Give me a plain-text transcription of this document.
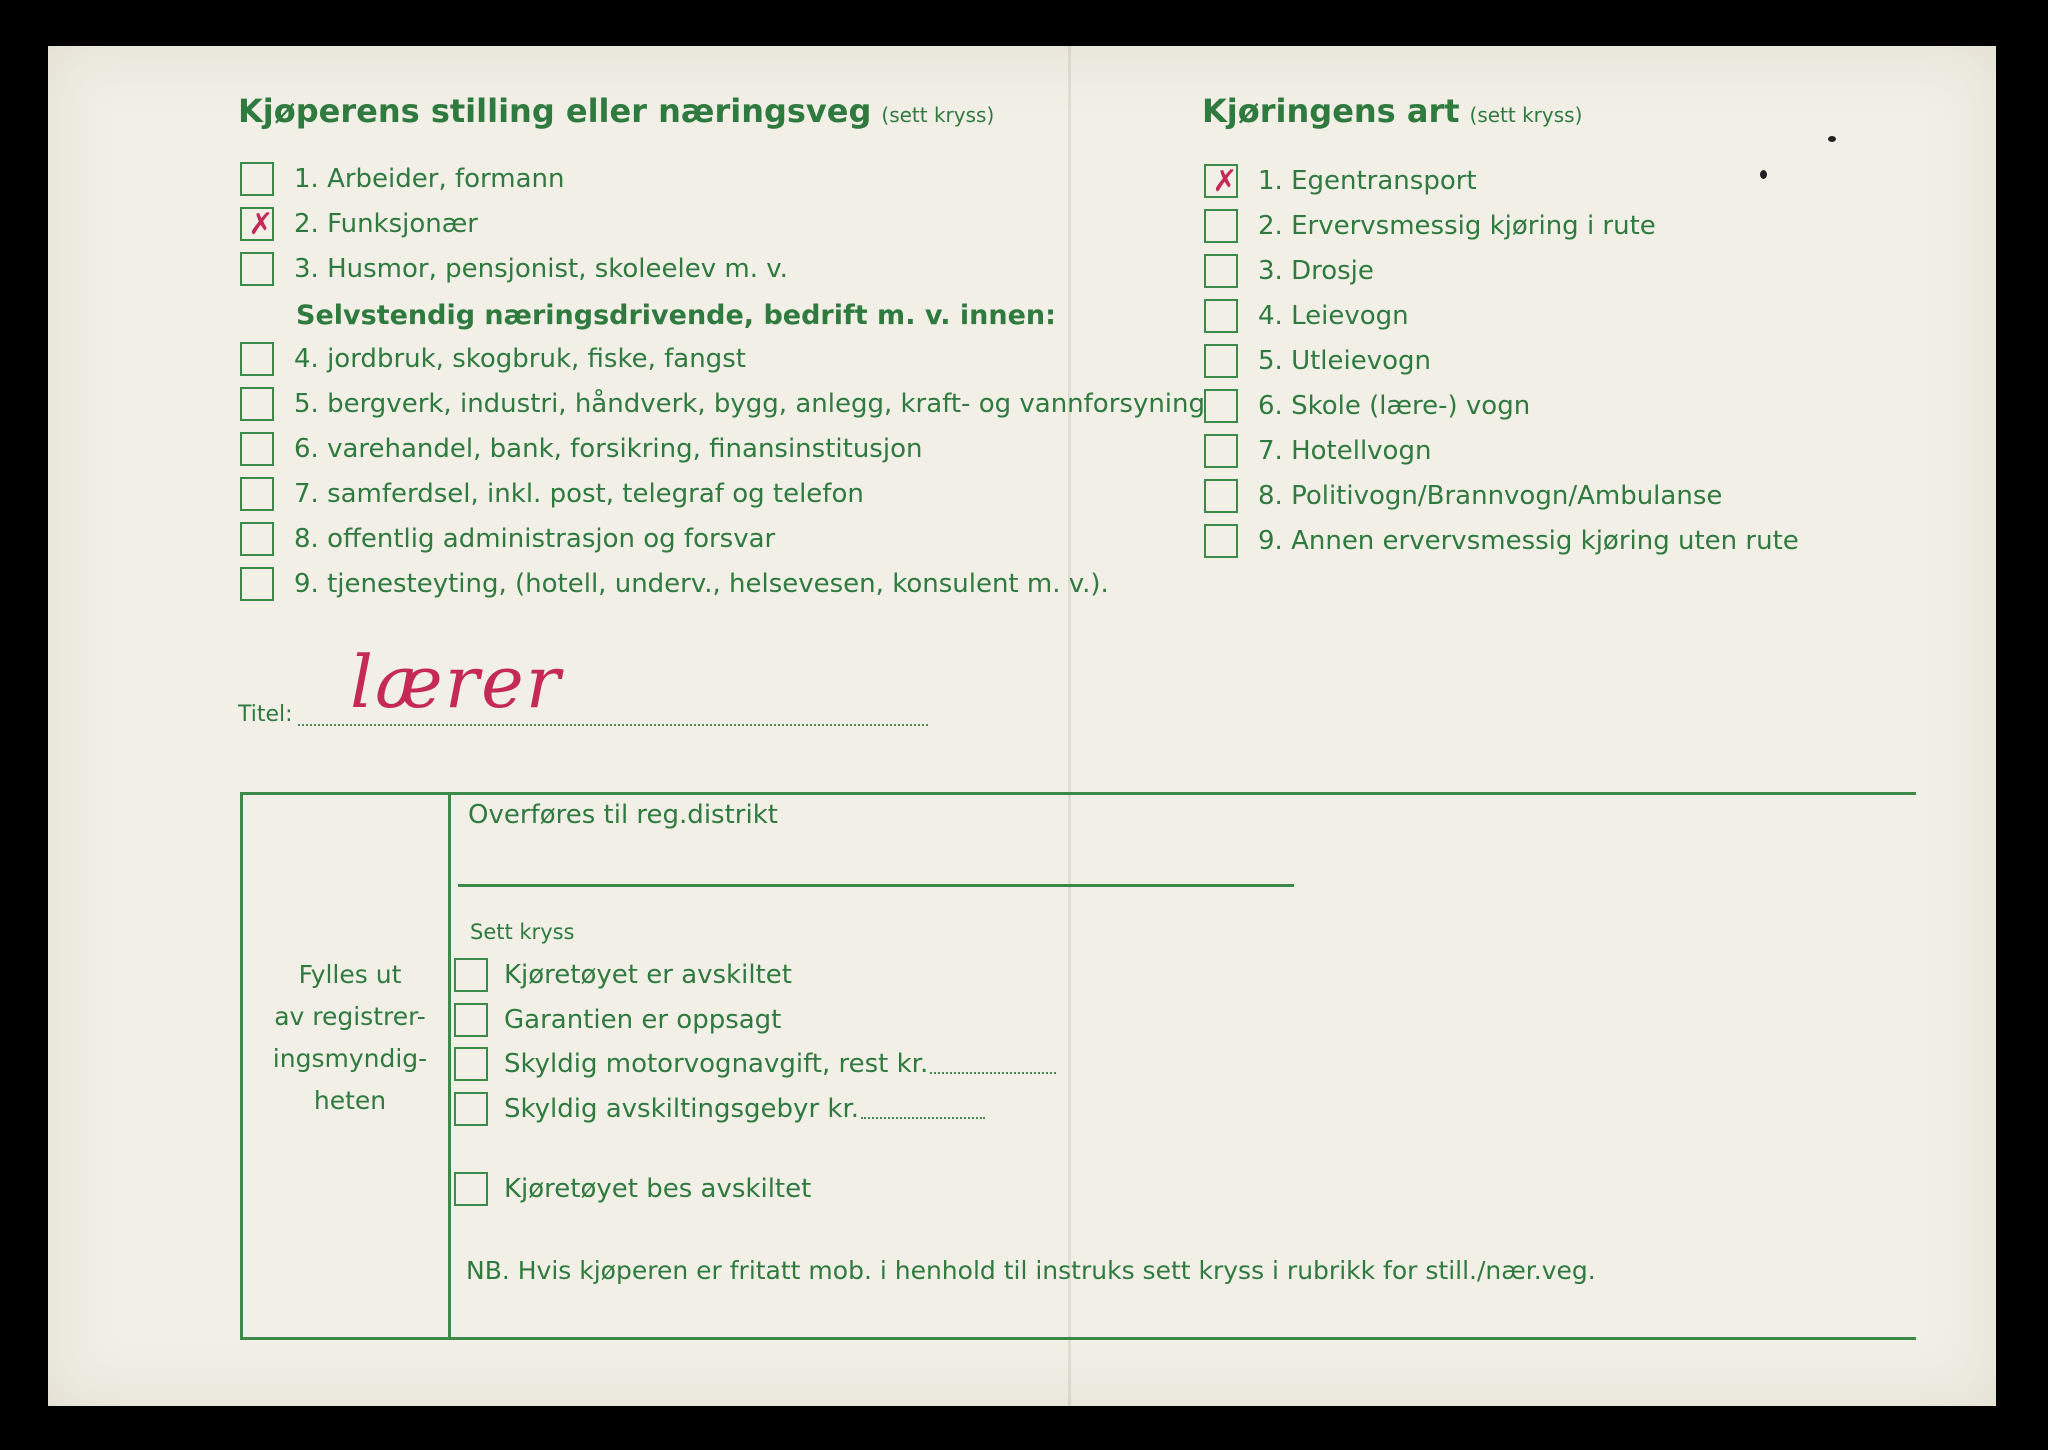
Kjøperens stilling eller næringsveg (sett kryss)
1. Arbeider, formann
✗ 2. Funksjonær
3. Husmor, pensjonist, skoleelev m. v.
Selvstendig næringsdrivende, bedrift m. v. innen:
4. jordbruk, skogbruk, fiske, fangst
5. bergverk, industri, håndverk, bygg, anlegg, kraft- og vannforsyning
6. varehandel, bank, forsikring, finansinstitusjon
7. samferdsel, inkl. post, telegraf og telefon
8. offentlig administrasjon og forsvar
9. tjenesteyting, (hotell, underv., helsevesen, konsulent m. v.).
Kjøringens art (sett kryss)
✗ 1. Egentransport
2. Ervervsmessig kjøring i rute
3. Drosje
4. Leievogn
5. Utleievogn
6. Skole (lære-) vogn
7. Hotellvogn
8. Politivogn/Brannvogn/Ambulanse
9. Annen ervervsmessig kjøring uten rute
Titel: lærer
Fylles ut
av registrer-
ingsmyndig-
heten
Overføres til reg.distrikt
Sett kryss
Kjøretøyet er avskiltet
Garantien er oppsagt
Skyldig motorvognavgift, rest kr.
Skyldig avskiltingsgebyr kr.
Kjøretøyet bes avskiltet
NB. Hvis kjøperen er fritatt mob. i henhold til instruks sett kryss i rubrikk for still./nær.veg.
